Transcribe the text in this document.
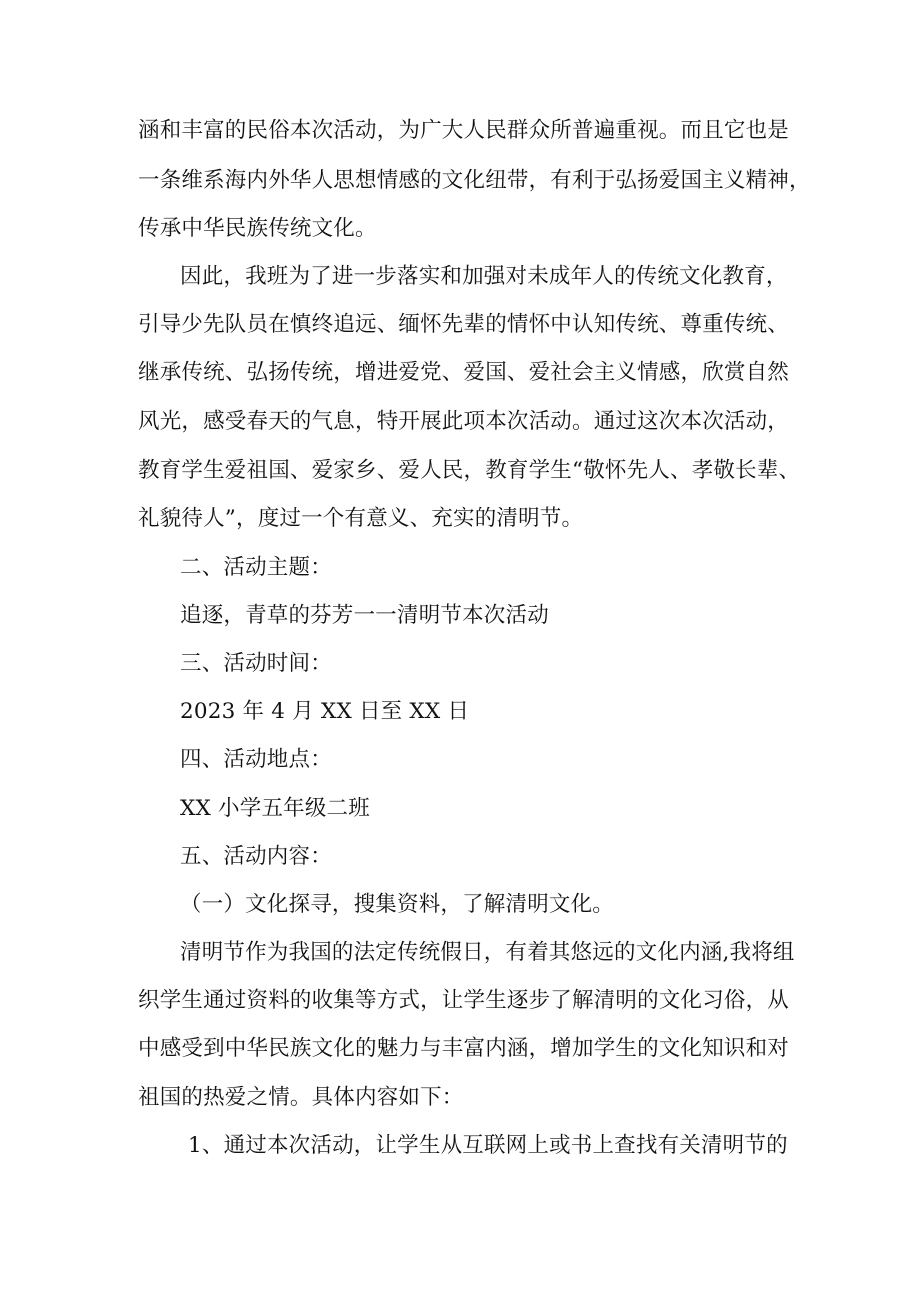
涵和丰富的民俗本次活动，为广大人民群众所普遍重视。而且它也是
一条维系海内外华人思想情感的文化纽带，有利于弘扬爱国主义精神，
传承中华民族传统文化。
因此，我班为了进一步落实和加强对未成年人的传统文化教育，
引导少先队员在慎终追远、缅怀先辈的情怀中认知传统、尊重传统、
继承传统、弘扬传统，增进爱党、爱国、爱社会主义情感，欣赏自然
风光，感受春天的气息，特开展此项本次活动。通过这次本次活动，
教育学生爱祖国、爱家乡、爱人民，教育学生“敬怀先人、孝敬长辈、
礼貌待人”，度过一个有意义、充实的清明节。
二、活动主题：
追逐，青草的芬芳一一清明节本次活动
三、活动时间：
2023 年 4 月 XX 日至 XX 日
四、活动地点：
XX 小学五年级二班
五、活动内容：
（一）文化探寻，搜集资料，了解清明文化。
清明节作为我国的法定传统假日，有着其悠远的文化内涵,我将组
织学生通过资料的收集等方式，让学生逐步了解清明的文化习俗，从
中感受到中华民族文化的魅力与丰富内涵，增加学生的文化知识和对
祖国的热爱之情。具体内容如下：
1、通过本次活动，让学生从互联网上或书上查找有关清明节的
